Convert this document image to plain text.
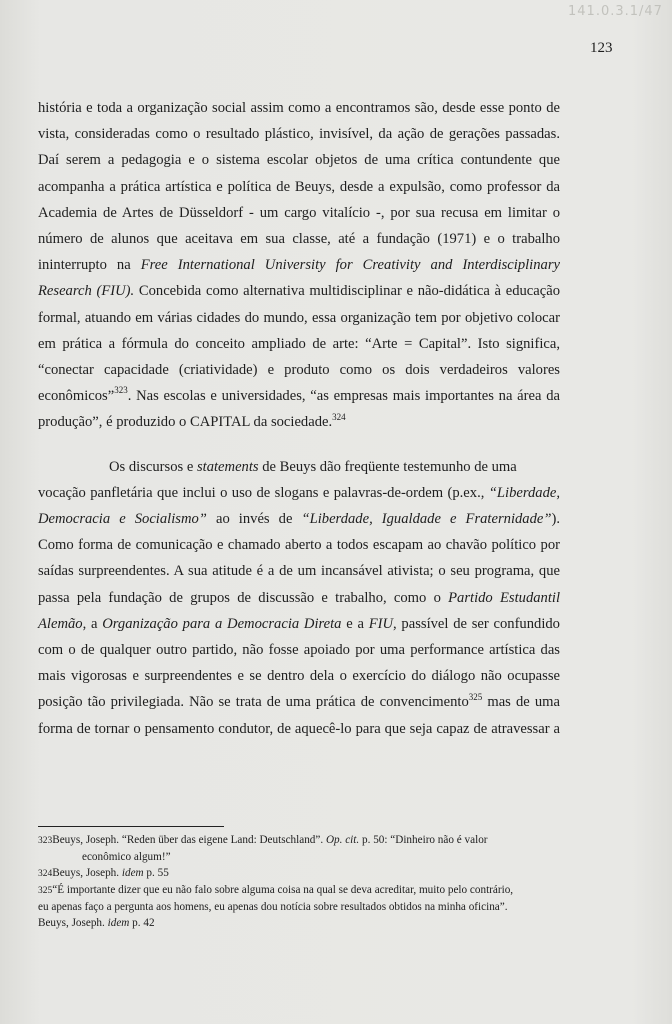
141.0.3.1/47
123
história e toda a organização social assim como a encontramos são, desde esse ponto de
vista, consideradas como o resultado plástico, invisível, da ação de gerações passadas.
Daí serem a pedagogia e o sistema escolar objetos de uma crítica contundente que
acompanha a prática artística e política de Beuys, desde a expulsão, como professor da
Academia de Artes de Düsseldorf - um cargo vitalício -, por sua recusa em limitar o
número de alunos que aceitava em sua classe, até a fundação (1971) e o trabalho
ininterrupto na Free International University for Creativity and Interdisciplinary
Research (FIU). Concebida como alternativa multidisciplinar e não-didática à educação
formal, atuando em várias cidades do mundo, essa organização tem por objetivo colocar
em prática a fórmula do conceito ampliado de arte: “Arte = Capital”. Isto significa,
“conectar capacidade (criatividade) e produto como os dois verdadeiros valores
econômicos”$^{323}$. Nas escolas e universidades, “as empresas mais importantes na área da
produção”, é produzido o CAPITAL da sociedade.$^{324}$
Os discursos e statements de Beuys dão freqüente testemunho de uma
vocação panfletária que inclui o uso de slogans e palavras-de-ordem (p.ex., “Liberdade,
Democracia e Socialismo” ao invés de “Liberdade, Igualdade e Fraternidade”).
Como forma de comunicação e chamado aberto a todos escapam ao chavão político por
saídas surpreendentes. A sua atitude é a de um incansável ativista; o seu programa, que
passa pela fundação de grupos de discussão e trabalho, como o Partido Estudantil
Alemão, a Organização para a Democracia Direta e a FIU, passível de ser confundido
com o de qualquer outro partido, não fosse apoiado por uma performance artística das
mais vigorosas e surpreendentes e se dentro dela o exercício do diálogo não ocupasse
posição tão privilegiada. Não se trata de uma prática de convencimento$^{325}$ mas de uma
forma de tornar o pensamento condutor, de aquecê-lo para que seja capaz de atravessar a
323Beuys, Joseph. “Reden über das eigene Land: Deutschland”. Op. cit. p. 50: “Dinheiro não é valor
econômico algum!”
324Beuys, Joseph. idem p. 55
325“É importante dizer que eu não falo sobre alguma coisa na qual se deva acreditar, muito pelo contrário,
eu apenas faço a pergunta aos homens, eu apenas dou notícia sobre resultados obtidos na minha oficina”.
Beuys, Joseph. idem p. 42
